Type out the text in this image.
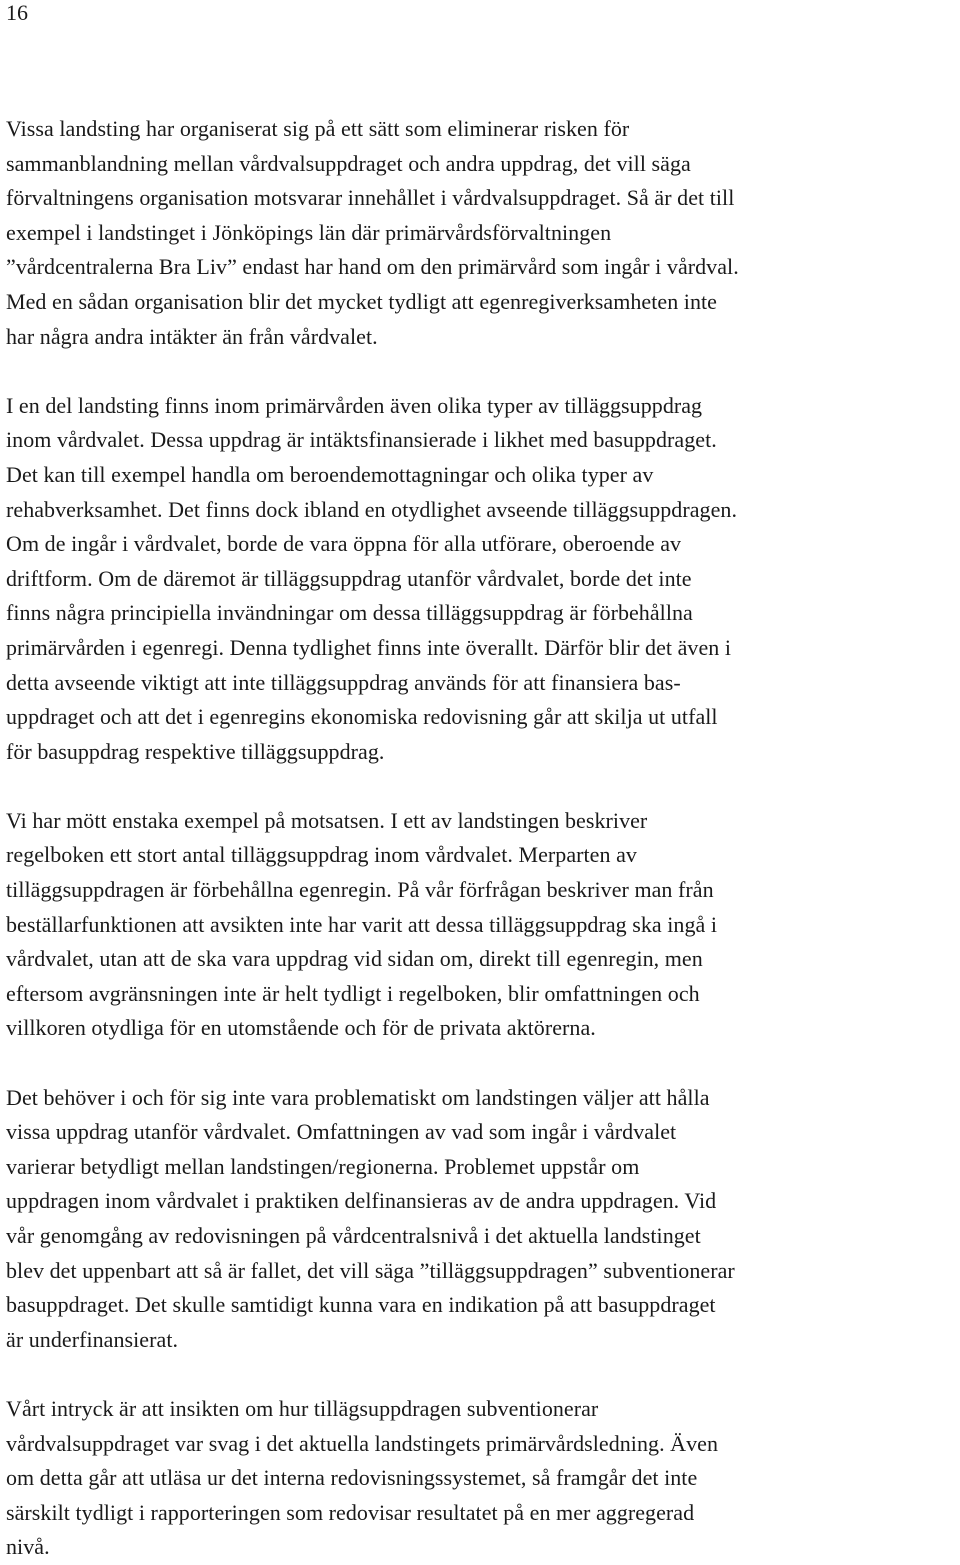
16

Vissa landsting har organiserat sig på ett sätt som eliminerar risken för
sammanblandning mellan vårdvalsuppdraget och andra uppdrag, det vill säga
förvaltningens organisation motsvarar innehållet i vårdvalsuppdraget. Så är det till
exempel i landstinget i Jönköpings län där primärvårdsförvaltningen
”vårdcentralerna Bra Liv” endast har hand om den primärvård som ingår i vårdval.
Med en sådan organisation blir det mycket tydligt att egenregiverksamheten inte
har några andra intäkter än från vårdvalet.

I en del landsting finns inom primärvården även olika typer av tilläggsuppdrag
inom vårdvalet. Dessa uppdrag är intäktsfinansierade i likhet med basuppdraget.
Det kan till exempel handla om beroendemottagningar och olika typer av
rehabverksamhet. Det finns dock ibland en otydlighet avseende tilläggsuppdragen.
Om de ingår i vårdvalet, borde de vara öppna för alla utförare, oberoende av
driftform. Om de däremot är tilläggsuppdrag utanför vårdvalet, borde det inte
finns några principiella invändningar om dessa tilläggsuppdrag är förbehållna
primärvården i egenregi. Denna tydlighet finns inte överallt. Därför blir det även i
detta avseende viktigt att inte tilläggsuppdrag används för att finansiera bas-
uppdraget och att det i egenregins ekonomiska redovisning går att skilja ut utfall
för basuppdrag respektive tilläggsuppdrag.

Vi har mött enstaka exempel på motsatsen. I ett av landstingen beskriver
regelboken ett stort antal tilläggsuppdrag inom vårdvalet. Merparten av
tilläggsuppdragen är förbehållna egenregin. På vår förfrågan beskriver man från
beställarfunktionen att avsikten inte har varit att dessa tilläggsuppdrag ska ingå i
vårdvalet, utan att de ska vara uppdrag vid sidan om, direkt till egenregin, men
eftersom avgränsningen inte är helt tydligt i regelboken, blir omfattningen och
villkoren otydliga för en utomstående och för de privata aktörerna.

Det behöver i och för sig inte vara problematiskt om landstingen väljer att hålla
vissa uppdrag utanför vårdvalet. Omfattningen av vad som ingår i vårdvalet
varierar betydligt mellan landstingen/regionerna. Problemet uppstår om
uppdragen inom vårdvalet i praktiken delfinansieras av de andra uppdragen. Vid
vår genomgång av redovisningen på vårdcentralsnivå i det aktuella landstinget
blev det uppenbart att så är fallet, det vill säga ”tilläggsuppdragen” subventionerar
basuppdraget. Det skulle samtidigt kunna vara en indikation på att basuppdraget
är underfinansierat.

Vårt intryck är att insikten om hur tillägsuppdragen subventionerar
vårdvalsuppdraget var svag i det aktuella landstingets primärvårdsledning. Även
om detta går att utläsa ur det interna redovisningssystemet, så framgår det inte
särskilt tydligt i rapporteringen som redovisar resultatet på en mer aggregerad
nivå.
